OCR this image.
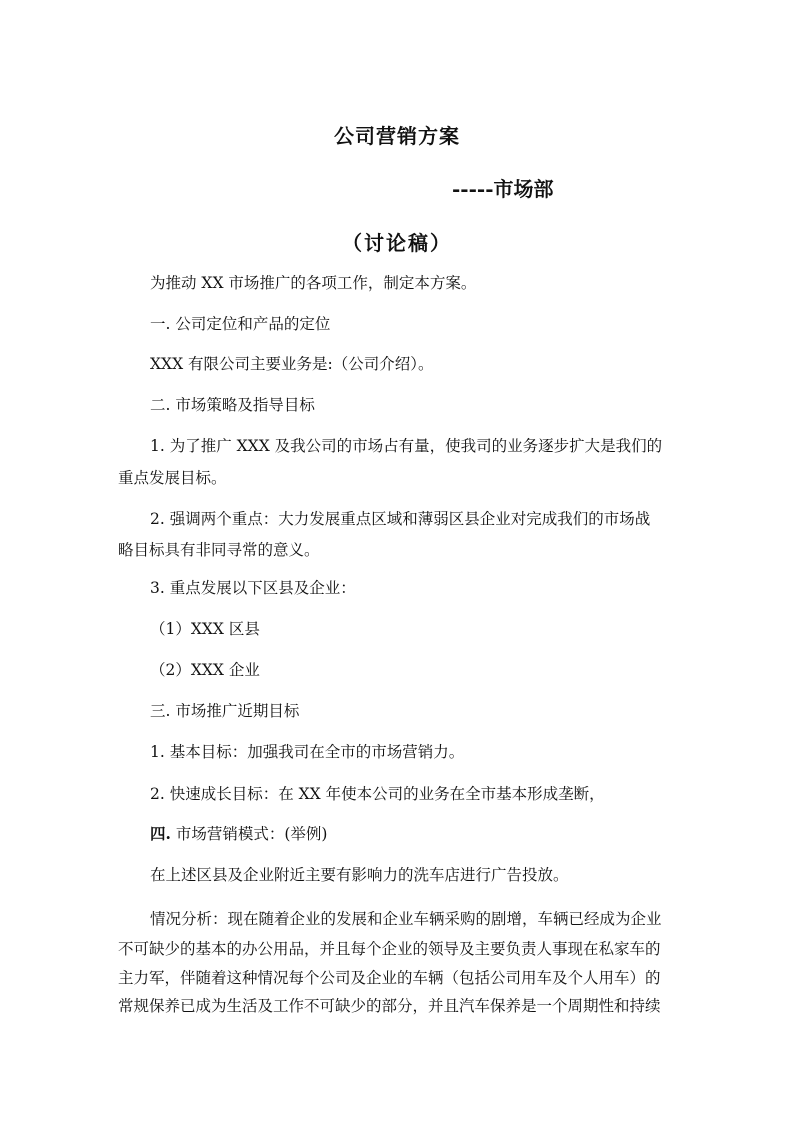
公司营销方案
-----市场部
（讨论稿）
为推动 XX 市场推广的各项工作，制定本方案。
一. 公司定位和产品的定位
XXX 有限公司主要业务是:（公司介绍）。
二. 市场策略及指导目标
1. 为了推广 XXX 及我公司的市场占有量，使我司的业务逐步扩大是我们的
重点发展目标。
2. 强调两个重点：大力发展重点区域和薄弱区县企业对完成我们的市场战
略目标具有非同寻常的意义。
3. 重点发展以下区县及企业：
（1）XXX 区县
（2）XXX 企业
三. 市场推广近期目标
1. 基本目标：加强我司在全市的市场营销力。
2. 快速成长目标：在 XX 年使本公司的业务在全市基本形成垄断，
四. 市场营销模式：(举例)
在上述区县及企业附近主要有影响力的洗车店进行广告投放。
情况分析：现在随着企业的发展和企业车辆采购的剧增，车辆已经成为企业
不可缺少的基本的办公用品，并且每个企业的领导及主要负责人事现在私家车的
主力军，伴随着这种情况每个公司及企业的车辆（包括公司用车及个人用车）的
常规保养已成为生活及工作不可缺少的部分，并且汽车保养是一个周期性和持续
